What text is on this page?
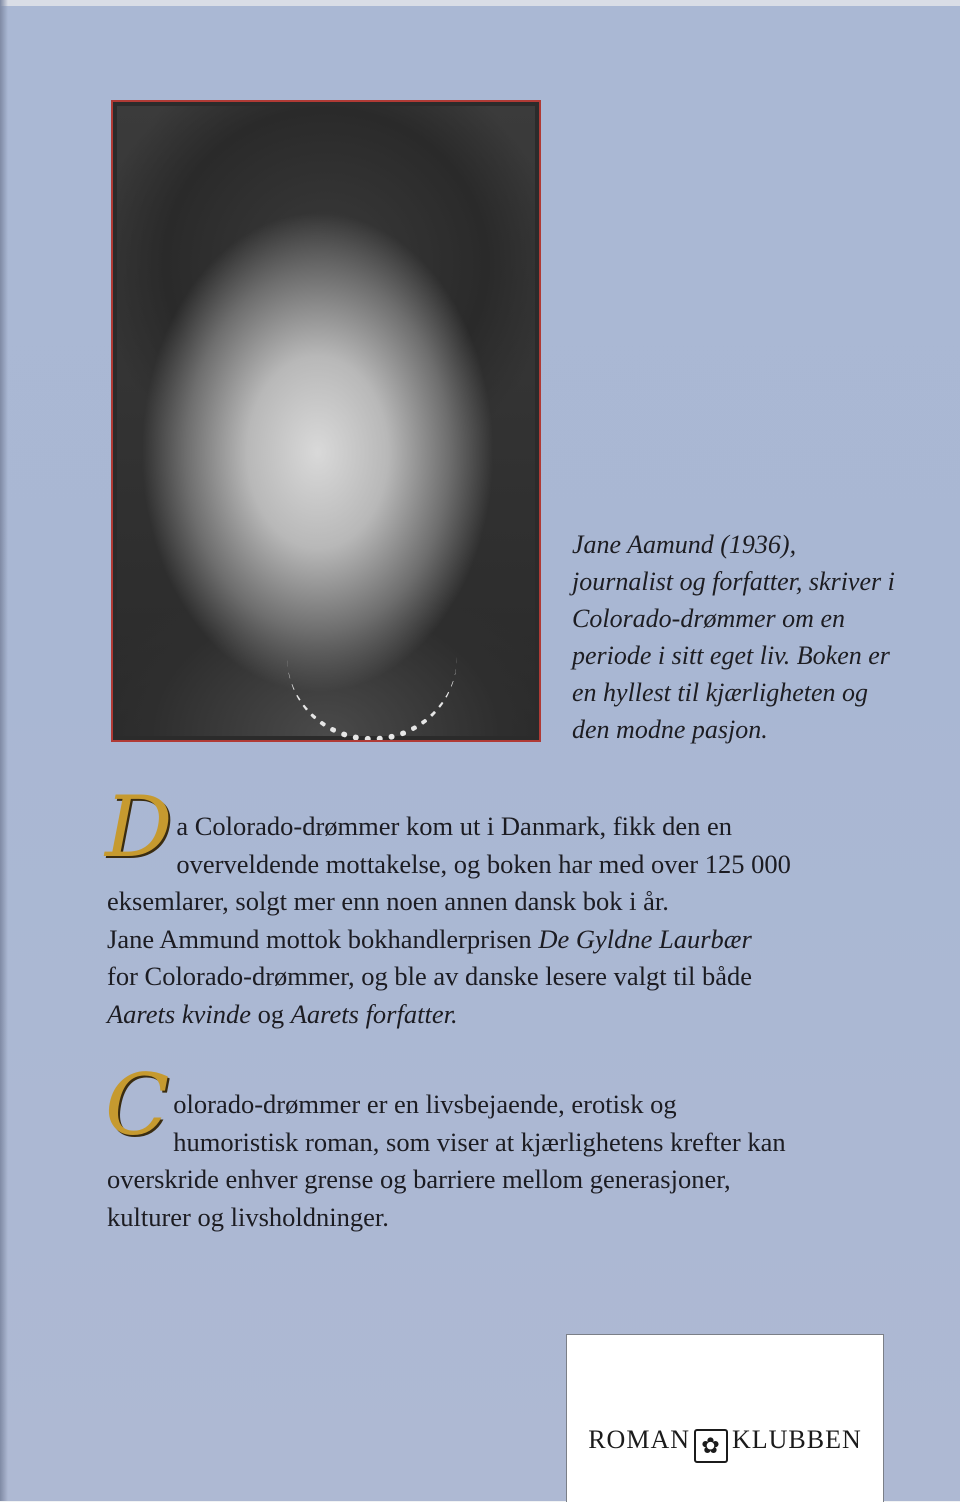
Jane Aamund (1936),

journalist og forfatter, skriver i

Colorado-drømmer om en

periode i sitt eget liv. Boken er

en hyllest til kjærligheten og

den modne pasjon.

D a Colorado-drømmer kom ut i Danmark, fikk den en
overveldende mottakelse, og boken har med over 125 000
eksemlarer, solgt mer enn noen annen dansk bok i år.
Jane Ammund mottok bokhandlerprisen De Gyldne Laurbær
for Colorado-drømmer, og ble av danske lesere valgt til både
Aarets kvinde og Aarets forfatter.
C olorado-drømmer er en livsbejaende, erotisk og
humoristisk roman, som viser at kjærlighetens krefter kan
overskride enhver grense og barriere mellom generasjoner,
kulturer og livsholdninger.
ROMAN ✿ KLUBBEN
